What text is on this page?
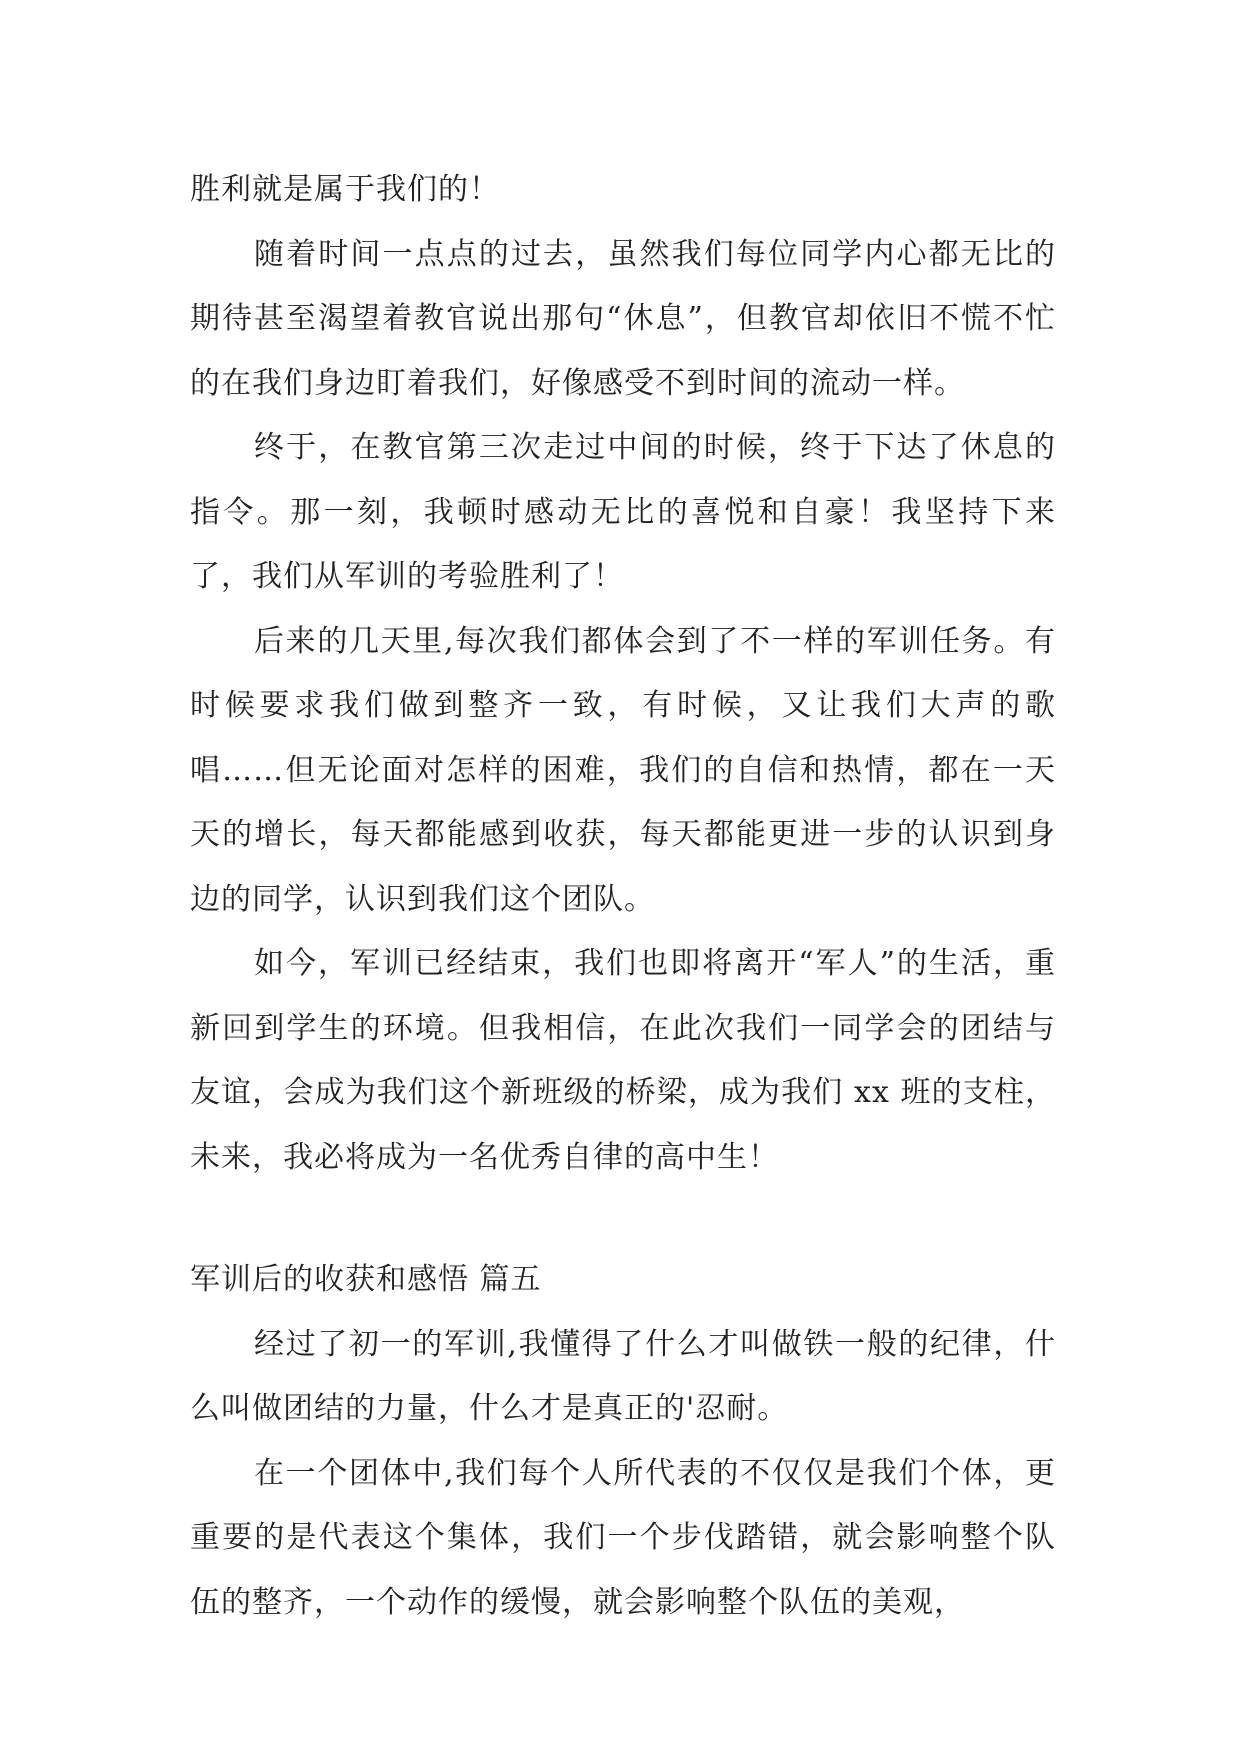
胜利就是属于我们的！

随着时间一点点的过去，虽然我们每位同学内心都无比的期待甚至渴望着教官说出那句“休息”，但教官却依旧不慌不忙的在我们身边盯着我们，好像感受不到时间的流动一样。

终于，在教官第三次走过中间的时候，终于下达了休息的指令。那一刻，我顿时感动无比的喜悦和自豪！我坚持下来了，我们从军训的考验胜利了！

后来的几天里,每次我们都体会到了不一样的军训任务。有时候要求我们做到整齐一致，有时候，又让我们大声的歌唱……但无论面对怎样的困难，我们的自信和热情，都在一天天的增长，每天都能感到收获，每天都能更进一步的认识到身边的同学，认识到我们这个团队。

如今，军训已经结束，我们也即将离开“军人”的生活，重新回到学生的环境。但我相信，在此次我们一同学会的团结与友谊，会成为我们这个新班级的桥梁，成为我们 xx 班的支柱，未来，我必将成为一名优秀自律的高中生！

军训后的收获和感悟 篇五

经过了初一的军训,我懂得了什么才叫做铁一般的纪律，什么叫做团结的力量，什么才是真正的'忍耐。

在一个团体中,我们每个人所代表的不仅仅是我们个体，更重要的是代表这个集体，我们一个步伐踏错，就会影响整个队伍的整齐，一个动作的缓慢，就会影响整个队伍的美观，
